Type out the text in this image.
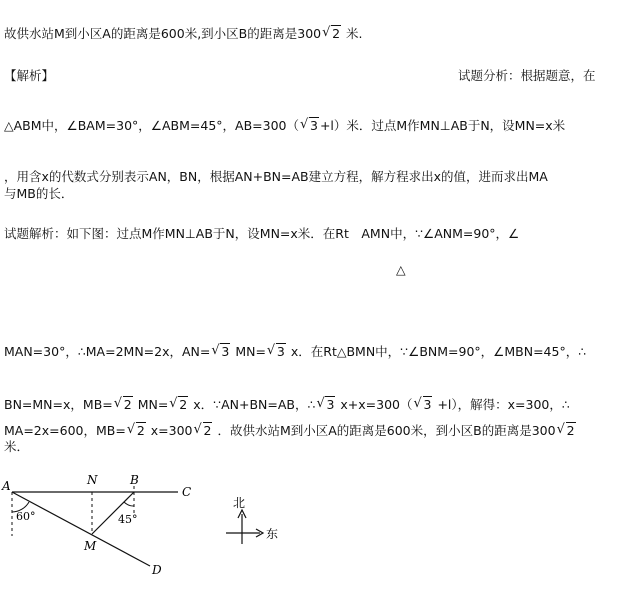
故供水站M到小区A的距离是600米,到小区B的距离是300 √ 2 米.
【解析】	试题分析：根据题意，在
△ABM中，∠BAM=30°，∠ABM=45°，AB=300（ √ 3 +l）米．过点M作MN⊥AB于N，设MN=x米
，用含x的代数式分别表示AN，BN，根据AN+BN=AB建立方程，解方程求出x的值，进而求出MA
与MB的长．
试题解析：如下图：过点M作MN⊥AB于N，设MN=x米．在Rt　AMN中，∵∠ANM=90°，∠
△
MAN=30°，∴MA=2MN=2x，AN= √ 3 MN= √ 3 x．在Rt△BMN中，∵∠BNM=90°，∠MBN=45°，∴
BN=MN=x，MB= √ 2 MN= √ 2 x．∵AN+BN=AB，∴ √ 3 x+x=300（ √ 3 +l），解得：x=300，∴
MA=2x=600，MB= √ 2 x=300 √ 2 ．故供水站M到小区A的距离是600米，到小区B的距离是300 √ 2
米．
A	N	B
C
M
D
60°	45°
北
东
